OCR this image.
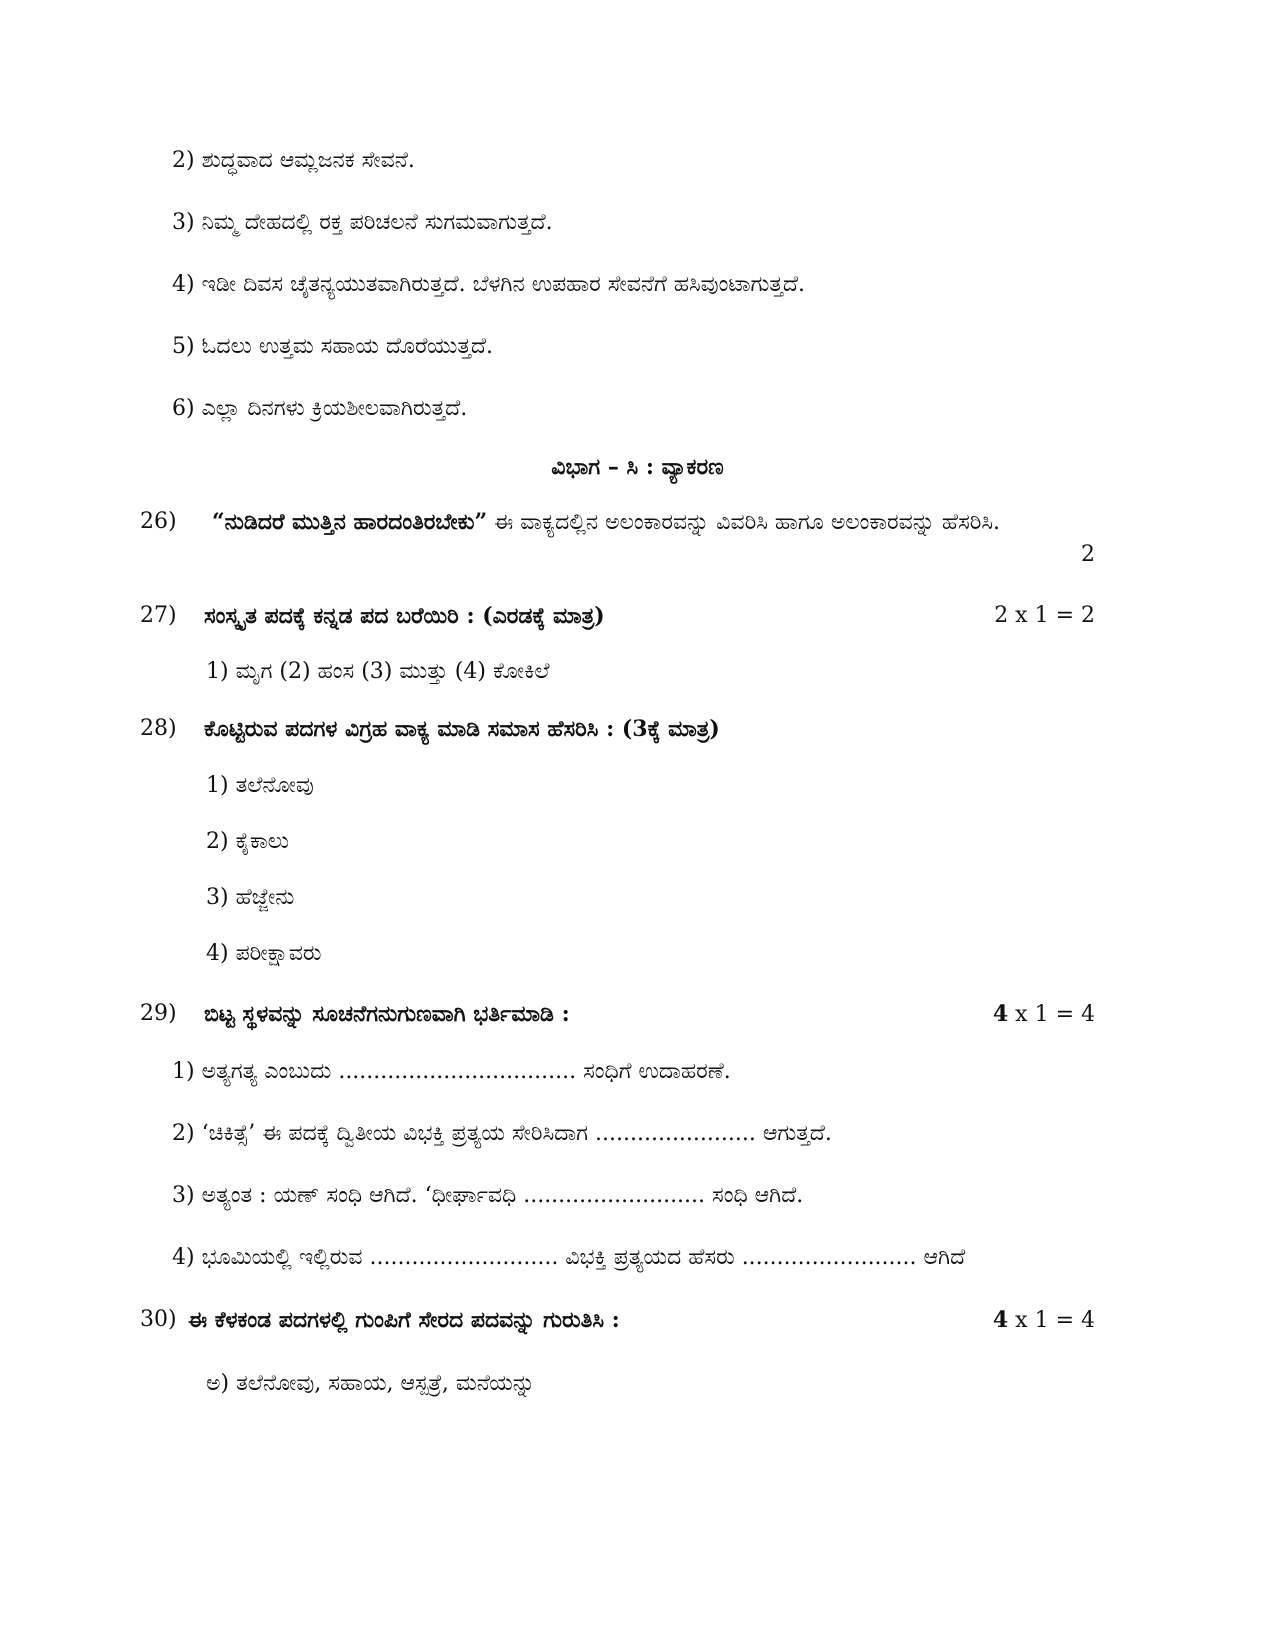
2) ಶುದ್ಧವಾದ ಆಮ್ಲಜನಕ ಸೇವನೆ.
3) ನಿಮ್ಮ ದೇಹದಲ್ಲಿ ರಕ್ತ ಪರಿಚಲನೆ ಸುಗಮವಾಗುತ್ತದೆ.
4) ಇಡೀ ದಿವಸ ಚೈತನ್ಯಯುತವಾಗಿರುತ್ತದೆ. ಬೆಳಗಿನ ಉಪಹಾರ ಸೇವನೆಗೆ ಹಸಿವುಂಟಾಗುತ್ತದೆ.
5) ಓದಲು ಉತ್ತಮ ಸಹಾಯ ದೊರೆಯುತ್ತದೆ.
6) ಎಲ್ಲಾ ದಿನಗಳು ಕ್ರಿಯಶೀಲವಾಗಿರುತ್ತದೆ.
ವಿಭಾಗ – ಸಿ : ವ್ಯಾಕರಣ
26) “ನುಡಿದರೆ ಮುತ್ತಿನ ಹಾರದಂತಿರಬೇಕು” ಈ ವಾಕ್ಯದಲ್ಲಿನ ಅಲಂಕಾರವನ್ನು ವಿವರಿಸಿ ಹಾಗೂ ಅಲಂಕಾರವನ್ನು ಹೆಸರಿಸಿ.
2
27) ಸಂಸ್ಕೃತ ಪದಕ್ಕೆ ಕನ್ನಡ ಪದ ಬರೆಯಿರಿ : (ಎರಡಕ್ಕೆ ಮಾತ್ರ)	2 x 1 = 2
1) ಮೃಗ (2) ಹಂಸ (3) ಮುತ್ತು (4) ಕೋಕಿಲೆ
28) ಕೊಟ್ಟಿರುವ ಪದಗಳ ವಿಗ್ರಹ ವಾಕ್ಯ ಮಾಡಿ ಸಮಾಸ ಹೆಸರಿಸಿ : (3ಕ್ಕೆ ಮಾತ್ರ)
1) ತಲೆನೋವು
2) ಕೈಕಾಲು
3) ಹೆಜ್ಜೇನು
4) ಪರೀಕ್ಷಾವರು
29) ಬಿಟ್ಟ ಸ್ಥಳವನ್ನು ಸೂಚನೆಗನುಗುಣವಾಗಿ ಭರ್ತಿಮಾಡಿ :	4 x 1 = 4
1) ಅತ್ಯಗತ್ಯ ಎಂಬುದು .................................. ಸಂಧಿಗೆ ಉದಾಹರಣೆ.
2) ‘ಚಿಕಿತ್ಸೆ’ ಈ ಪದಕ್ಕೆ ದ್ವಿತೀಯ ವಿಭಕ್ತಿ ಪ್ರತ್ಯಯ ಸೇರಿಸಿದಾಗ ....................... ಆಗುತ್ತದೆ.
3) ಅತ್ಯಂತ : ಯಣ್ ಸಂಧಿ ಆಗಿದೆ. ‘ಧೀರ್ಘಾವಧಿ .......................... ಸಂಧಿ ಆಗಿದೆ.
4) ಭೂಮಿಯಲ್ಲಿ ಇಲ್ಲಿರುವ ........................... ವಿಭಕ್ತಿ ಪ್ರತ್ಯಯದ ಹೆಸರು ......................... ಆಗಿದೆ
30) ಈ ಕೆಳಕಂಡ ಪದಗಳಲ್ಲಿ ಗುಂಪಿಗೆ ಸೇರದ ಪದವನ್ನು ಗುರುತಿಸಿ :	4 x 1 = 4
ಅ) ತಲೆನೋವು, ಸಹಾಯ, ಆಸ್ಪತ್ರೆ, ಮನೆಯನ್ನು
